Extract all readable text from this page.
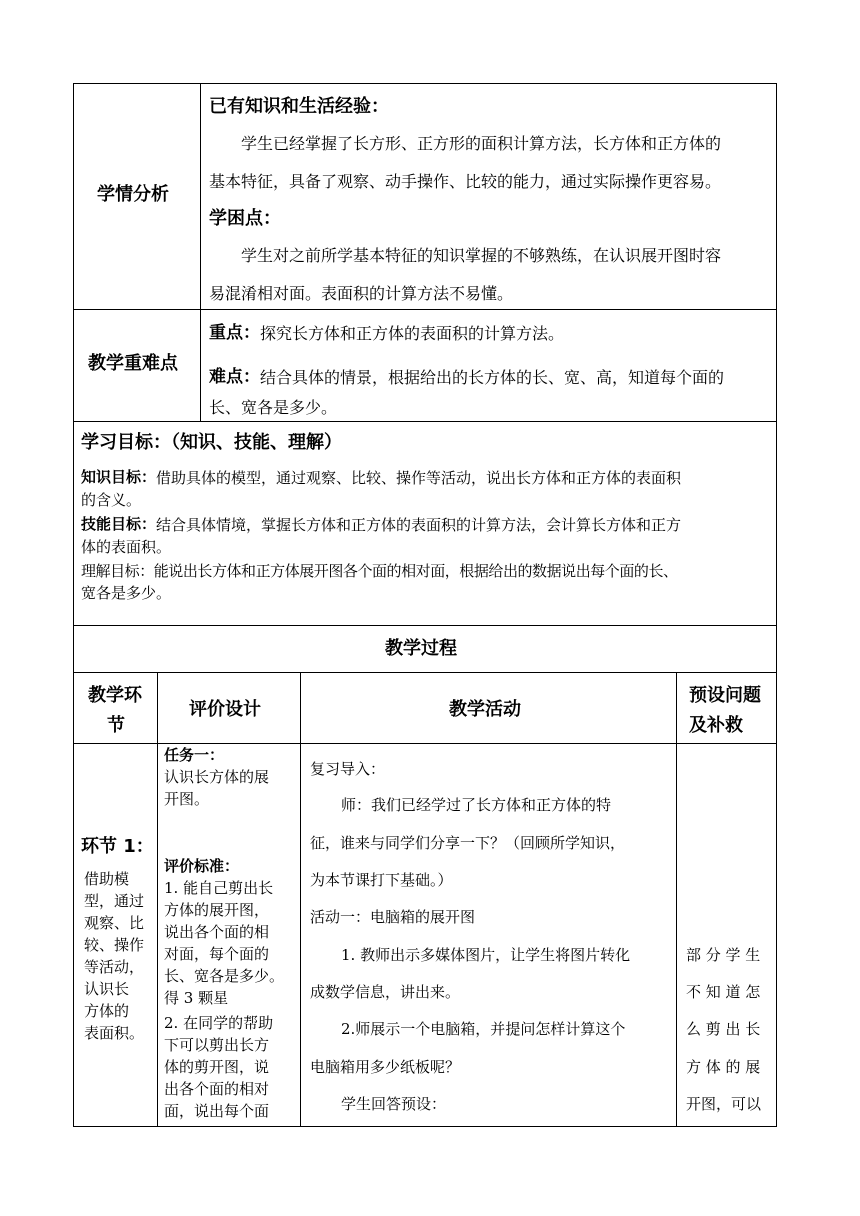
学情分析
已有知识和生活经验：
学生已经掌握了长方形、正方形的面积计算方法，长方体和正方体的
基本特征，具备了观察、动手操作、比较的能力，通过实际操作更容易。
学困点：
学生对之前所学基本特征的知识掌握的不够熟练，在认识展开图时容
易混淆相对面。表面积的计算方法不易懂。
教学重难点
重点： 探究长方体和正方体的表面积的计算方法。
难点： 结合具体的情景，根据给出的长方体的长、宽、高，知道每个面的
长、宽各是多少。
学习目标：（知识、技能、理解）
知识目标： 借助具体的模型，通过观察、比较、操作等活动，说出长方体和正方体的表面积
的含义。
技能目标： 结合具体情境，掌握长方体和正方体的表面积的计算方法，会计算长方体和正方
体的表面积。
理解目标：能说出长方体和正方体展开图各个面的相对面，根据给出的数据说出每个面的长、
宽各是多少。
教学过程
教学环
节
评价设计	教学活动
预设问题
及补救
环节 1：
借助模
型，通过
观察、比
较、操作
等活动，
认识长
方体的
表面积。
任务一：
认识长方体的展
开图。
评价标准：
1. 能自己剪出长
方体的展开图，
说出各个面的相
对面，每个面的
长、宽各是多少。
得 3 颗星
2. 在同学的帮助
下可以剪出长方
体的剪开图，说
出各个面的相对
面，说出每个面
复习导入：
师：我们已经学过了长方体和正方体的特
征，谁来与同学们分享一下？（回顾所学知识，
为本节课打下基础。）
活动一：电脑箱的展开图
1. 教师出示多媒体图片，让学生将图片转化
成数学信息，讲出来。
2.师展示一个电脑箱，并提问怎样计算这个
电脑箱用多少纸板呢？
学生回答预设：
部 分 学 生
不 知 道 怎
么 剪 出 长
方 体 的 展
开图，可以
